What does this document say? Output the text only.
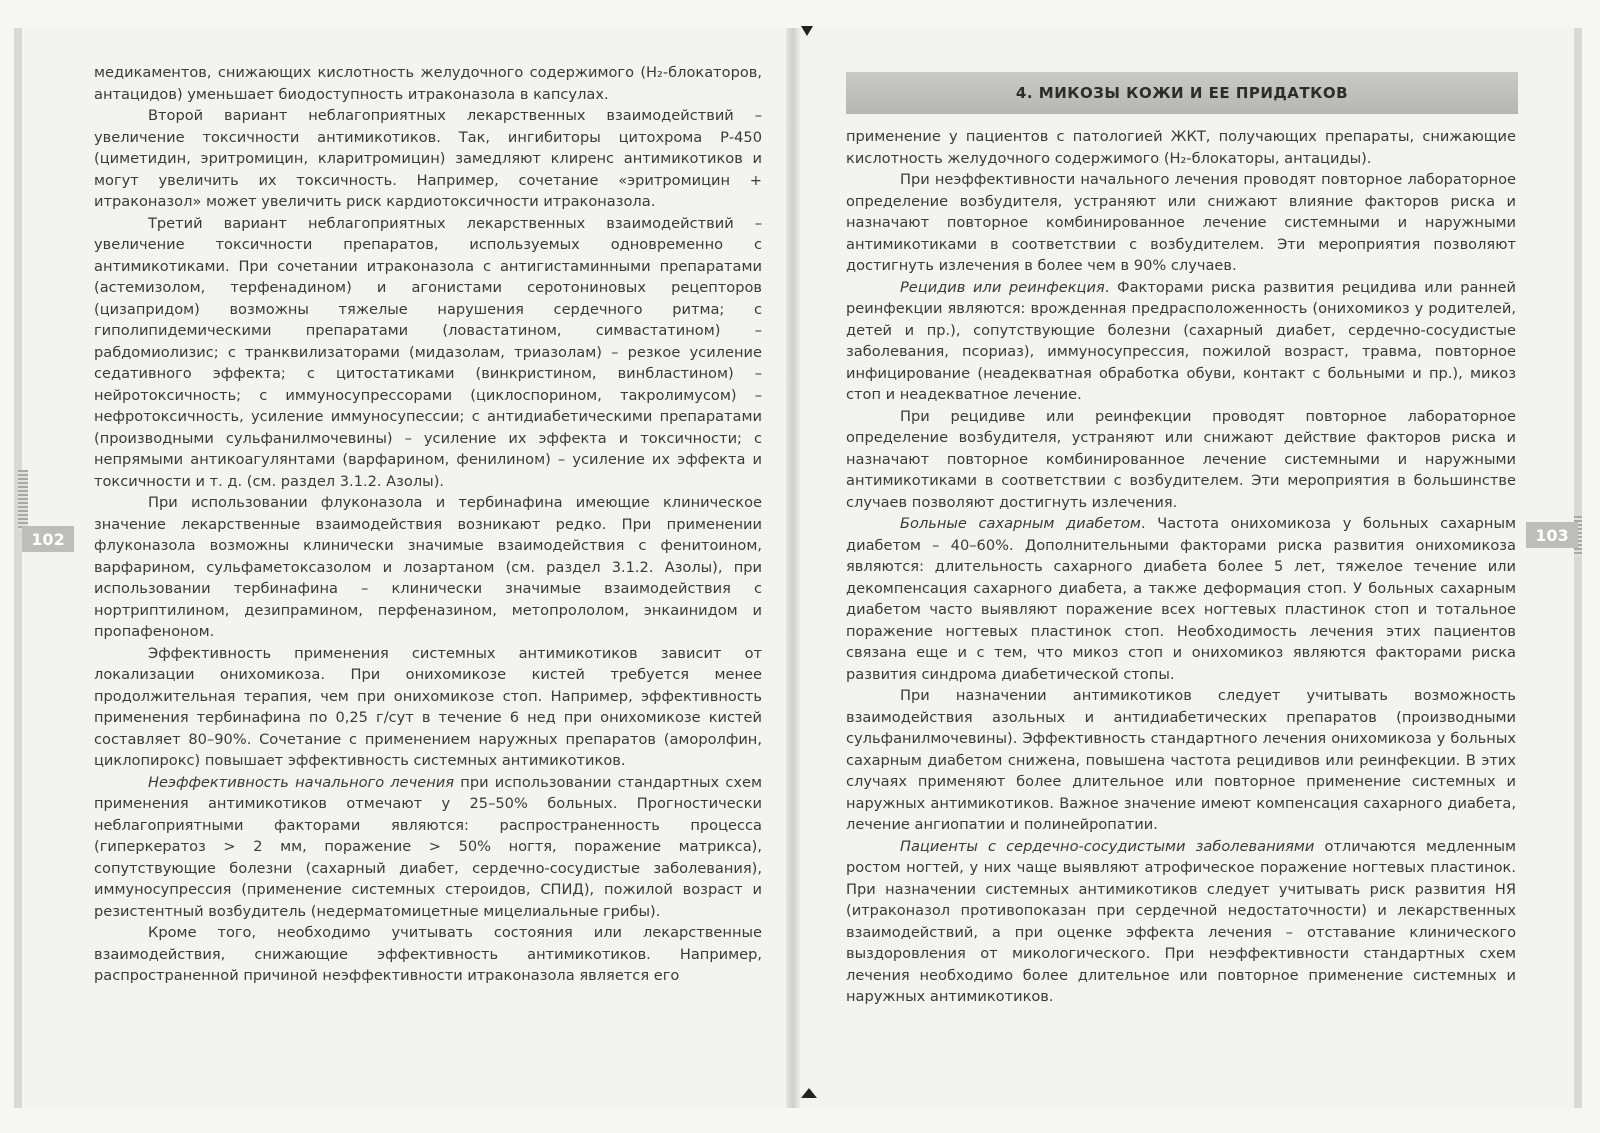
102	103
4. МИКОЗЫ КОЖИ И ЕЕ ПРИДАТКОВ

медикаментов, снижающих кислотность желудочного содержимого (Н₂-блокаторов, антацидов) уменьшает биодоступность итраконазола в капсулах.

Второй вариант неблагоприятных лекарственных взаимодействий – увеличение токсичности антимикотиков. Так, ингибиторы цитохрома Р-450 (циметидин, эритромицин, кларитромицин) замедляют клиренс антимикотиков и могут увеличить их токсичность. Например, сочетание «эритромицин + итраконазол» может увеличить риск кардиотоксичности итраконазола.

Третий вариант неблагоприятных лекарственных взаимодействий – увеличение токсичности препаратов, используемых одновременно с антимикотиками. При сочетании итраконазола с антигистаминными препаратами (астемизолом, терфенадином) и агонистами серотониновых рецепторов (цизапридом) возможны тяжелые нарушения сердечного ритма; с гиполипидемическими препаратами (ловастатином, симвастатином) – рабдомиолизис; с транквилизаторами (мидазолам, триазолам) – резкое усиление седативного эффекта; с цитостатиками (винкристином, винбластином) – нейротоксичность; с иммуносупрессорами (циклоспорином, такролимусом) – нефротоксичность, усиление иммуносупессии; с антидиабетическими препаратами (производными сульфанилмочевины) – усиление их эффекта и токсичности; с непрямыми антикоагулянтами (варфарином, фенилином) – усиление их эффекта и токсичности и т. д. (см. раздел 3.1.2. Азолы).

При использовании флуконазола и тербинафина имеющие клиническое значение лекарственные взаимодействия возникают редко. При применении флуконазола возможны клинически значимые взаимодействия с фенитоином, варфарином, сульфаметоксазолом и лозартаном (см. раздел 3.1.2. Азолы), при использовании тербинафина – клинически значимые взаимодействия с нортриптилином, дезипрамином, перфеназином, метопрололом, энкаинидом и пропафеноном.

Эффективность применения системных антимикотиков зависит от локализации онихомикоза. При онихомикозе кистей требуется менее продолжительная терапия, чем при онихомикозе стоп. Например, эффективность применения тербинафина по 0,25 г/сут в течение 6 нед при онихомикозе кистей составляет 80–90%. Сочетание с применением наружных препаратов (аморолфин, циклопирокс) повышает эффективность системных антимикотиков.

Неэффективность начального лечения при использовании стандартных схем применения антимикотиков отмечают у 25–50% больных. Прогностически неблагоприятными факторами являются: распространенность процесса (гиперкератоз > 2 мм, поражение > 50% ногтя, поражение матрикса), сопутствующие болезни (сахарный диабет, сердечно-сосудистые заболевания), иммуносупрессия (применение системных стероидов, СПИД), пожилой возраст и резистентный возбудитель (недерматомицетные мицелиальные грибы).

Кроме того, необходимо учитывать состояния или лекарственные взаимодействия, снижающие эффективность антимикотиков. Например, распространенной причиной неэффективности итраконазола является его

применение у пациентов с патологией ЖКТ, получающих препараты, снижающие кислотность желудочного содержимого (Н₂-блокаторы, антациды).

При неэффективности начального лечения проводят повторное лабораторное определение возбудителя, устраняют или снижают влияние факторов риска и назначают повторное комбинированное лечение системными и наружными антимикотиками в соответствии с возбудителем. Эти мероприятия позволяют достигнуть излечения в более чем в 90% случаев.

Рецидив или реинфекция. Факторами риска развития рецидива или ранней реинфекции являются: врожденная предрасположенность (онихомикоз у родителей, детей и пр.), сопутствующие болезни (сахарный диабет, сердечно-сосудистые заболевания, псориаз), иммуносупрессия, пожилой возраст, травма, повторное инфицирование (неадекватная обработка обуви, контакт с больными и пр.), микоз стоп и неадекватное лечение.

При рецидиве или реинфекции проводят повторное лабораторное определение возбудителя, устраняют или снижают действие факторов риска и назначают повторное комбинированное лечение системными и наружными антимикотиками в соответствии с возбудителем. Эти мероприятия в большинстве случаев позволяют достигнуть излечения.

Больные сахарным диабетом. Частота онихомикоза у больных сахарным диабетом – 40–60%. Дополнительными факторами риска развития онихомикоза являются: длительность сахарного диабета более 5 лет, тяжелое течение или декомпенсация сахарного диабета, а также деформация стоп. У больных сахарным диабетом часто выявляют поражение всех ногтевых пластинок стоп и тотальное поражение ногтевых пластинок стоп. Необходимость лечения этих пациентов связана еще и с тем, что микоз стоп и онихомикоз являются факторами риска развития синдрома диабетической стопы.

При назначении антимикотиков следует учитывать возможность взаимодействия азольных и антидиабетических препаратов (производными сульфанилмочевины). Эффективность стандартного лечения онихомикоза у больных сахарным диабетом снижена, повышена частота рецидивов или реинфекции. В этих случаях применяют более длительное или повторное применение системных и наружных антимикотиков. Важное значение имеют компенсация сахарного диабета, лечение ангиопатии и полинейропатии.

Пациенты с сердечно-сосудистыми заболеваниями отличаются медленным ростом ногтей, у них чаще выявляют атрофическое поражение ногтевых пластинок. При назначении системных антимикотиков следует учитывать риск развития НЯ (итраконазол противопоказан при сердечной недостаточности) и лекарственных взаимодействий, а при оценке эффекта лечения – отставание клинического выздоровления от микологического. При неэффективности стандартных схем лечения необходимо более длительное или повторное применение системных и наружных антимикотиков.
